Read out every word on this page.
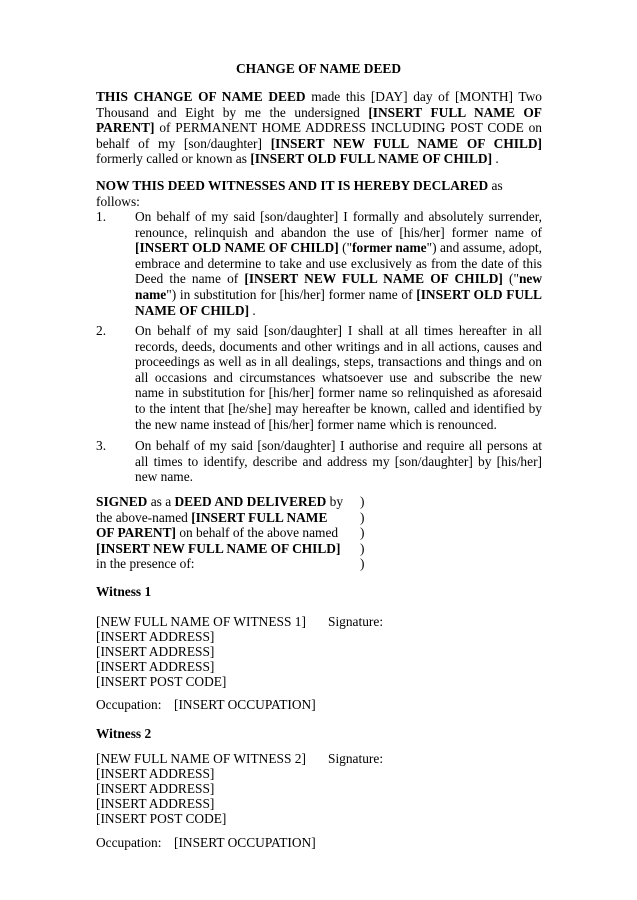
CHANGE OF NAME DEED
THIS CHANGE OF NAME DEED made this [DAY] day of [MONTH] Two Thousand and Eight by me the undersigned [INSERT FULL NAME OF PARENT] of PERMANENT HOME ADDRESS INCLUDING POST CODE on behalf of my [son/daughter] [INSERT NEW FULL NAME OF CHILD] formerly called or known as [INSERT OLD FULL NAME OF CHILD] .
NOW THIS DEED WITNESSES AND IT IS HEREBY DECLARED as follows:
1.	On behalf of my said [son/daughter] I formally and absolutely surrender, renounce, relinquish and abandon the use of [his/her] former name of [INSERT OLD NAME OF CHILD] ("former name") and assume, adopt, embrace and determine to take and use exclusively as from the date of this Deed the name of [INSERT NEW FULL NAME OF CHILD] ("new name") in substitution for [his/her] former name of [INSERT OLD FULL NAME OF CHILD] .
2.	On behalf of my said [son/daughter] I shall at all times hereafter in all records, deeds, documents and other writings and in all actions, causes and proceedings as well as in all dealings, steps, transactions and things and on all occasions and circumstances whatsoever use and subscribe the new name in substitution for [his/her] former name so relinquished as aforesaid to the intent that [he/she] may hereafter be known, called and identified by the new name instead of [his/her] former name which is renounced.
3.	On behalf of my said [son/daughter] I authorise and require all persons at all times to identify, describe and address my [son/daughter] by [his/her] new name.
SIGNED as a DEED AND DELIVERED by the above-named [INSERT FULL NAME OF PARENT] on behalf of the above named [INSERT NEW FULL NAME OF CHILD] in the presence of:
)
)
)
)
)
Witness 1
[NEW FULL NAME OF WITNESS 1] Signature:
[INSERT ADDRESS]
[INSERT ADDRESS]
[INSERT ADDRESS]
[INSERT POST CODE]
Occupation: [INSERT OCCUPATION]
Witness 2
[NEW FULL NAME OF WITNESS 2] Signature:
[INSERT ADDRESS]
[INSERT ADDRESS]
[INSERT ADDRESS]
[INSERT POST CODE]
Occupation: [INSERT OCCUPATION]
